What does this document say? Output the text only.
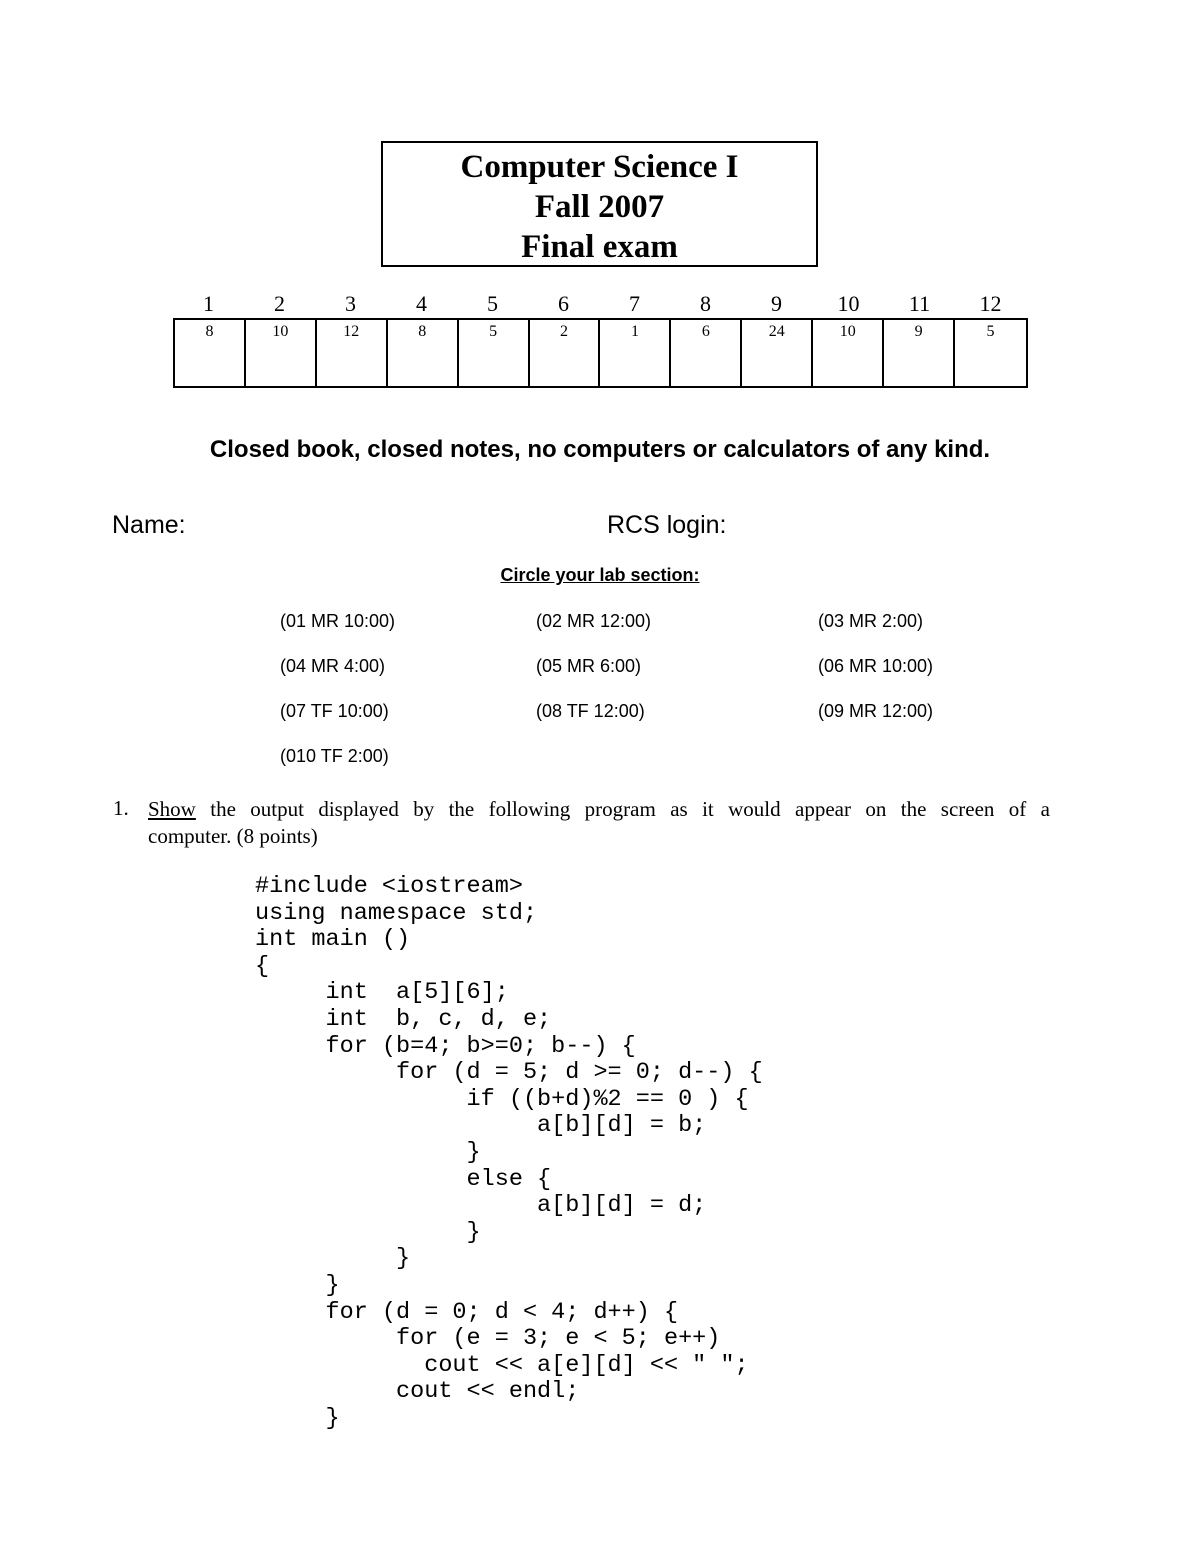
Computer Science I
Fall 2007
Final exam
1	2	3	4	5	6	7	8	9	10	11	12
8	10	12	8	5	2	1	6	24	10	9	5
Closed book, closed notes, no computers or calculators of any kind.
Name:	RCS login:
Circle your lab section:
(01 MR 10:00)	(02 MR 12:00)	(03 MR 2:00)
(04 MR 4:00)	(05 MR 6:00)	(06 MR 10:00)
(07 TF 10:00)	(08 TF 12:00)	(09 MR 12:00)
(010 TF 2:00)
1. Show the output displayed by the following program as it would appear on the screen of a
computer. (8 points)
#include <iostream>
using namespace std;
int main ()
{
int  a[5][6];
int  b, c, d, e;
for (b=4; b>=0; b--) {
for (d = 5; d >= 0; d--) {
if ((b+d)%2 == 0 ) {
a[b][d] = b;
}
else {
a[b][d] = d;
}
}
}
for (d = 0; d < 4; d++) {
for (e = 3; e < 5; e++)
cout << a[e][d] << " ";
cout << endl;
}
